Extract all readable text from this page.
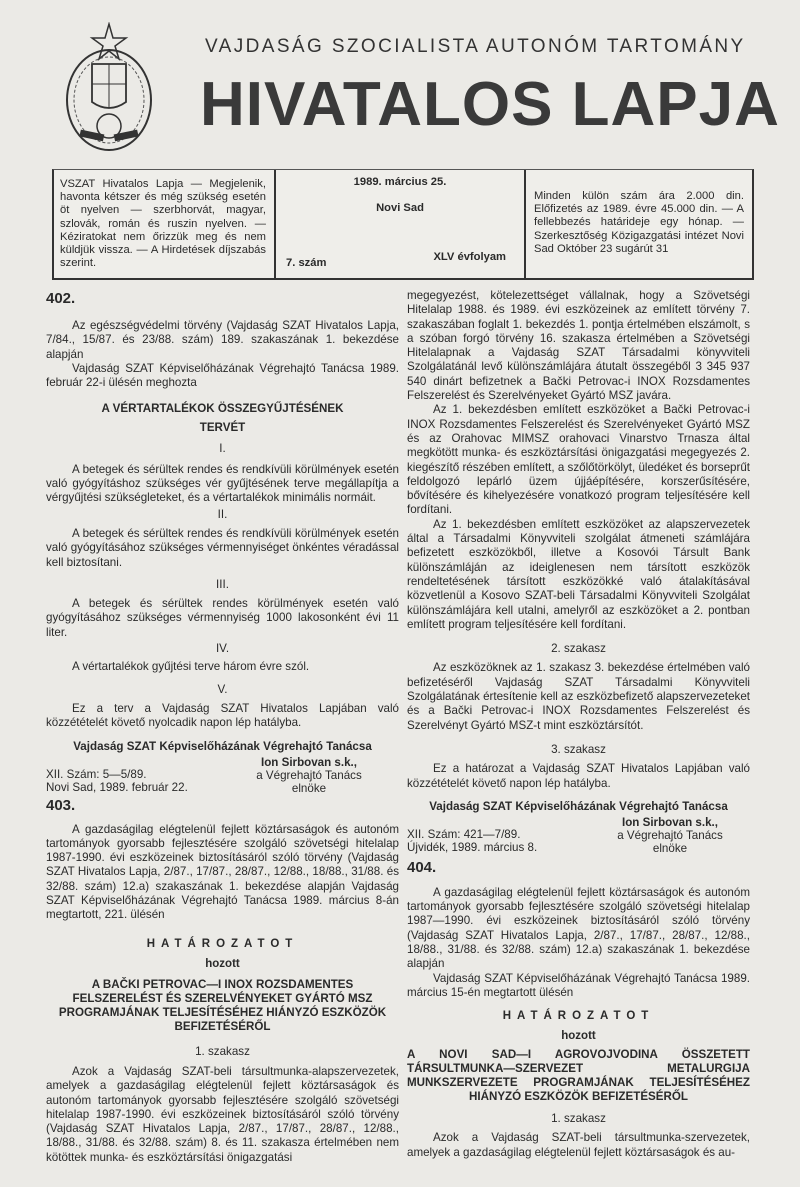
VAJDASÁG SZOCIALISTA AUTONÓM TARTOMÁNY
HIVATALOS LAPJA
VSZAT Hivatalos Lapja — Megjelenik, havonta kétszer és még szükség esetén öt nyelven — szerbhorvát, magyar, szlovák, román és ruszin nyelven. — Kéziratokat nem őrizzük meg és nem küldjük vissza. — A Hirdetések díjszabás szerint.
1989. március 25.
Novi Sad
7. szám	XLV évfolyam
Minden külön szám ára 2.000 din. Előfizetés az 1989. évre 45.000 din. — A fellebbezés határideje egy hónap. — Szerkesztőség Közigazgatási intézet Novi Sad Október 23 sugárút 31
402.

Az egészségvédelmi törvény (Vajdaság SZAT Hivatalos Lapja, 7/84., 15/87. és 23/88. szám) 189. szakaszának 1. bekezdése alapján

Vajdaság SZAT Képviselőházának Végrehajtó Tanácsa 1989. február 22-i ülésén meghozta

A VÉRTARTALÉKOK ÖSSZEGYŰJTÉSÉNEK
TERVÉT

I.

A betegek és sérültek rendes és rendkívüli körülmények esetén való gyógyításhoz szükséges vér gyűjtésének terve megállapítja a vérgyűjtési szükségleteket, és a vértartalékok minimális normáit.

II.

A betegek és sérültek rendes és rendkívüli körülmények esetén való gyógyításához szükséges vérmennyiséget önkéntes véradással kell biztosítani.

III.

A betegek és sérültek rendes körülmények esetén való gyógyításához szükséges vérmennyiség 1000 lakosonként évi 11 liter.

IV.

A vértartalékok gyűjtési terve három évre szól.

V.

Ez a terv a Vajdaság SZAT Hivatalos Lapjában való közzétételét követő nyolcadik napon lép hatályba.

Vajdaság SZAT Képviselőházának Végrehajtó Tanácsa
XII. Szám: 5—5/89.
Novi Sad, 1989. február 22.
Ion Sirbovan s.k.,
a Végrehajtó Tanács
elnöke
403.

A gazdaságilag elégtelenül fejlett köztársaságok és autonóm tartományok gyorsabb fejlesztésére szolgáló szövetségi hitelalap 1987-1990. évi eszközeinek biztosításáról szóló törvény (Vajdaság SZAT Hivatalos Lapja, 2/87., 17/87., 28/87., 12/88., 18/88., 31/88. és 32/88. szám) 12.a) szakaszának 1. bekezdése alapján Vajdaság SZAT Képviselőházának Végrehajtó Tanácsa 1989. március 8-án megtartott, 221. ülésén

HATÁROZATOT
hozott
A BAČKI PETROVAC—I INOX ROZSDAMENTES FELSZERELÉST ÉS SZERELVÉNYEKET GYÁRTÓ MSZ PROGRAMJÁNAK TELJESÍTÉSÉHEZ HIÁNYZÓ ESZKÖZÖK BEFIZETÉSÉRŐL

1. szakasz

Azok a Vajdaság SZAT-beli társultmunka-alapszervezetek, amelyek a gazdaságilag elégtelenül fejlett köztársaságok és autonóm tartományok gyorsabb fejlesztésére szolgáló szövetségi hitelalap 1987-1990. évi eszközeinek biztosításáról szóló törvény (Vajdaság SZAT Hivatalos Lapja, 2/87., 17/87., 28/87., 12/88., 18/88., 31/88. és 32/88. szám) 8. és 11. szakasza értelmében nem kötöttek munka- és eszköztársítási önigazgatási

megegyezést, kötelezettséget vállalnak, hogy a Szövetségi Hitelalap 1988. és 1989. évi eszközeinek az említett törvény 7. szakaszában foglalt 1. bekezdés 1. pontja értelmében elszámolt, s a szóban forgó törvény 16. szakasza értelmében a Szövetségi Hitelalapnak a Vajdaság SZAT Társadalmi könyvviteli Szolgálatánál levő különszámlájára átutalt összegéből 3 345 937 540 dinárt befizetnek a Bački Petrovac-i INOX Rozsdamentes Felszerelést és Szerelvényeket Gyártó MSZ javára.

Az 1. bekezdésben említett eszközöket a Bački Petrovac-i INOX Rozsdamentes Felszerelést és Szerelvényeket Gyártó MSZ és az Orahovac MIMSZ orahovaci Vinarstvo Trnasza által megkötött munka- és eszköztársítási önigazgatási megegyezés 2. kiegészítő részében említett, a szőlőtörkölyt, üledéket és borseprűt feldolgozó lepárló üzem újjáépítésére, korszerűsítésére, bővítésére és kihelyezésére vonatkozó program teljesítésére kell fordítani.

Az 1. bekezdésben említett eszközöket az alapszervezetek által a Társadalmi Könyvviteli szolgálat átmeneti számlájára befizetett eszközökből, illetve a Kosovói Társult Bank különszámláján az ideiglenesen nem társított eszközök rendeltetésének társított eszközökké való átalakításával közvetlenül a Kosovo SZAT-beli Társadalmi Könyvviteli Szolgálat különszámlájára kell utalni, amelyről az eszközöket a 2. pontban említett program teljesítésére kell fordítani.

2. szakasz

Az eszközöknek az 1. szakasz 3. bekezdése értelmében való befizetéséről Vajdaság SZAT Társadalmi Könyvviteli Szolgálatának értesítenie kell az eszközbefizető alapszervezeteket és a Bački Petrovac-i INOX Rozsdamentes Felszerelést és Szerelvényt Gyártó MSZ-t mint eszköztársítót.

3. szakasz

Ez a határozat a Vajdaság SZAT Hivatalos Lapjában való közzétételét követő napon lép hatályba.

Vajdaság SZAT Képviselőházának Végrehajtó Tanácsa
XII. Szám: 421—7/89.
Újvidék, 1989. március 8.
Ion Sirbovan s.k.,
a Végrehajtó Tanács
elnöke
404.

A gazdaságilag elégtelenül fejlett köztársaságok és autonóm tartományok gyorsabb fejlesztésére szolgáló szövetségi hitelalap 1987—1990. évi eszközeinek biztosításáról szóló törvény (Vajdaság SZAT Hivatalos Lapja, 2/87., 17/87., 28/87., 12/88., 18/88., 31/88. és 32/88. szám) 12.a) szakaszának 1. bekezdése alapján

Vajdaság SZAT Képviselőházának Végrehajtó Tanácsa 1989. március 15-én megtartott ülésén

HATÁROZATOT
hozott
A NOVI SAD—I AGROVOJVODINA ÖSSZETETT TÁRSULTMUNKA—SZERVEZET METALURGIJA MUNKSZERVEZETE PROGRAMJÁNAK TELJESÍTÉSÉHEZ HIÁNYZÓ ESZKÖZÖK BEFIZETÉSÉRŐL

1. szakasz

Azok a Vajdaság SZAT-beli társultmunka-szervezetek, amelyek a gazdaságilag elégtelenül fejlett köztársaságok és au-
